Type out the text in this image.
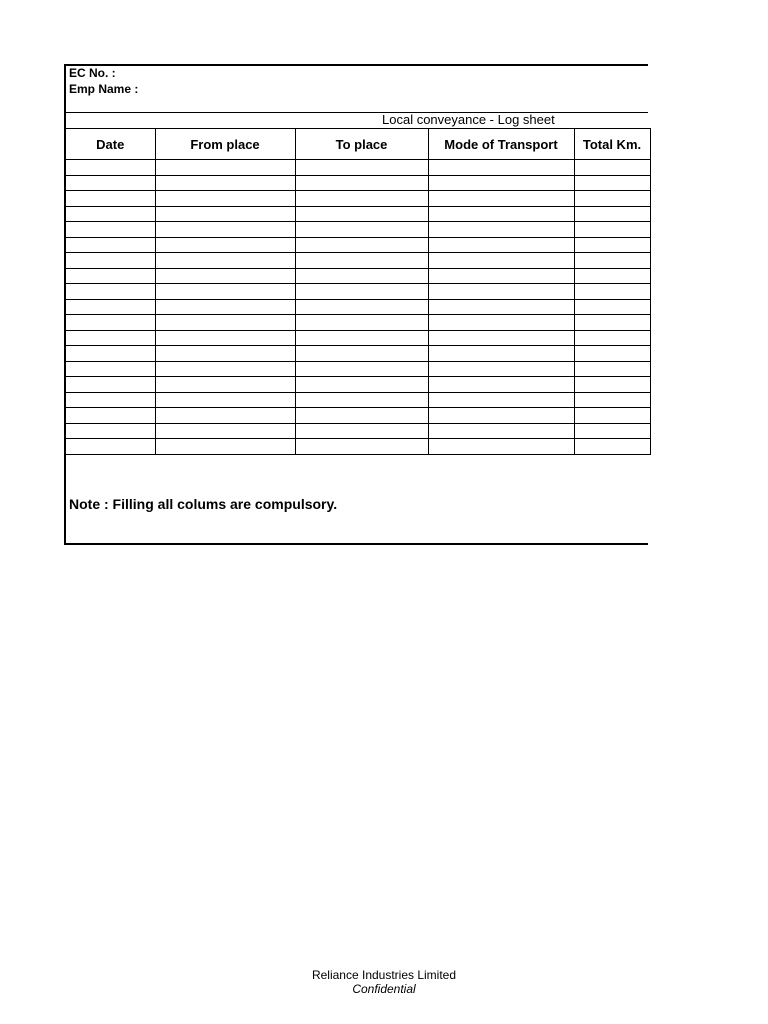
EC No. :
Emp Name :
Local conveyance - Log sheet
Date	From place	To place	Mode of Transport	Total Km.

Note : Filling all colums are compulsory.
Reliance Industries Limited
Confidential
